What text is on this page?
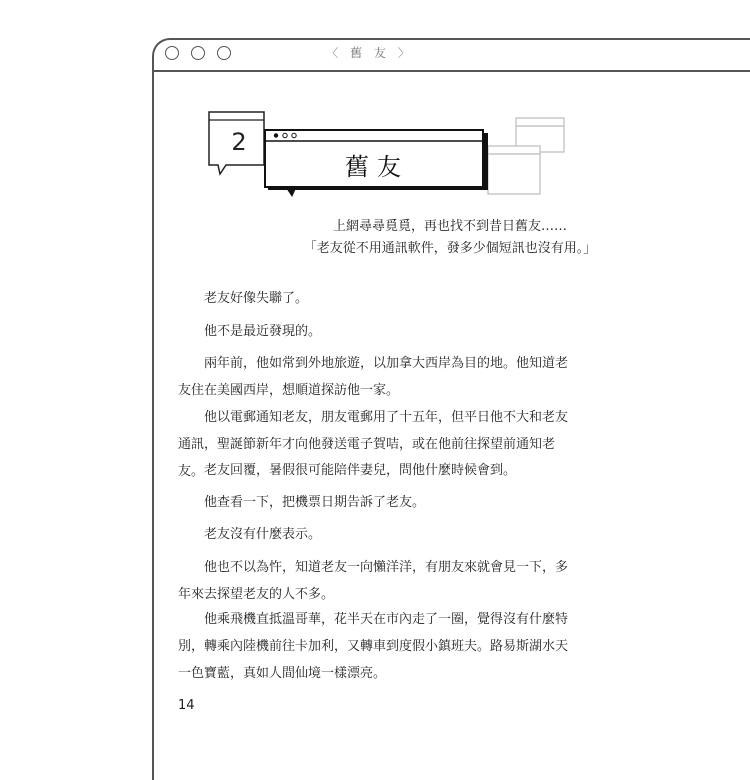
〈 舊 友 〉
2
舊友
上網尋尋覓覓，再也找不到昔日舊友……
「老友從不用通訊軟件，發多少個短訊也沒有用。」

老友好像失聯了。

他不是最近發現的。

兩年前，他如常到外地旅遊，以加拿大西岸為目的地。他知道老友住在美國西岸，想順道探訪他一家。

他以電郵通知老友，朋友電郵用了十五年，但平日他不大和老友通訊，聖誕節新年才向他發送電子賀咭，或在他前往探望前通知老友。 老友回覆，暑假很可能陪伴妻兒，問他什麼時候會到。

他查看一下，把機票日期告訴了老友。

老友沒有什麼表示。

他也不以為忤，知道老友一向懶洋洋，有朋友來就會見一下，多年來去探望老友的人不多。

他乘飛機直抵溫哥華，花半天在市內走了一圈，覺得沒有什麼特別，轉乘內陸機前往卡加利，又轉車到度假小鎮班夫。路易斯湖水天一色寶藍，真如人間仙境一樣漂亮。

14
